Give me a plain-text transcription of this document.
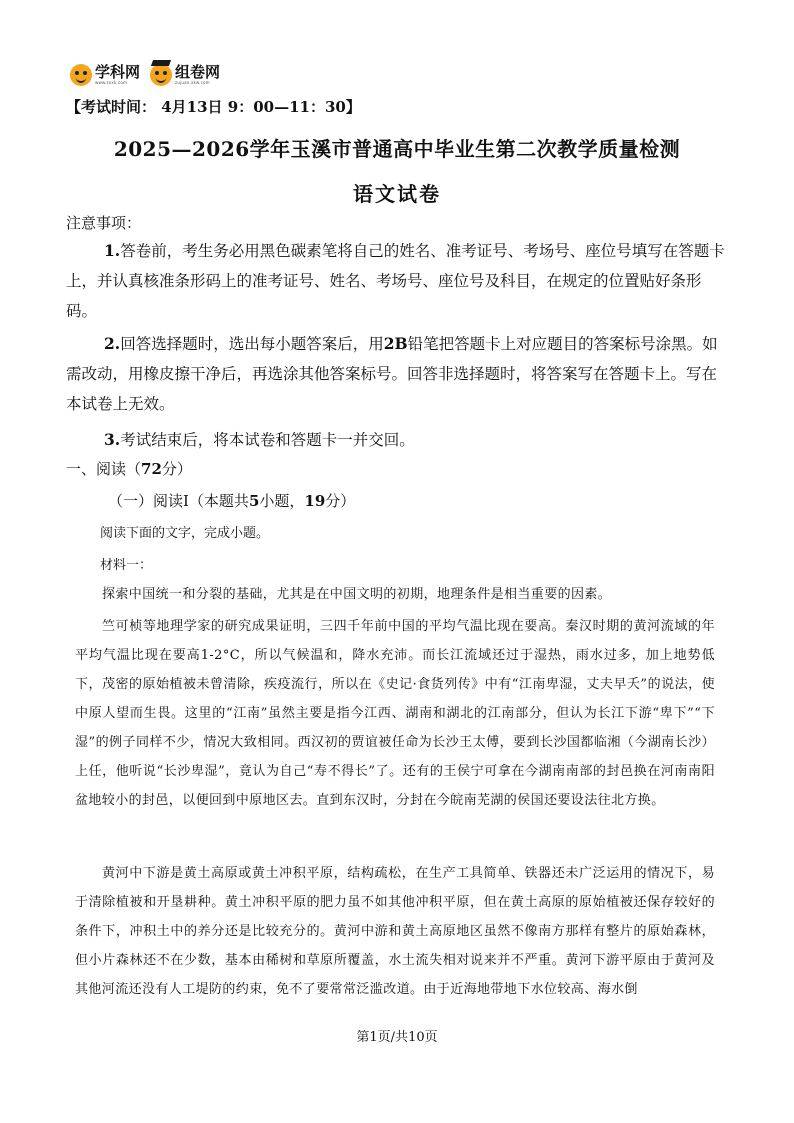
学科网
www.zxxk.com
组卷网
zujuan.xkw.com
【考试时间： 4月13日 9：00—11：30】
2025—2026学年玉溪市普通高中毕业生第二次教学质量检测
语文试卷
注意事项：
1.答卷前，考生务必用黑色碳素笔将自己的姓名、准考证号、考场号、座位号填写在答题卡上，并认真核准条形码上的准考证号、姓名、考场号、座位号及科目，在规定的位置贴好条形码。
2.回答选择题时，选出每小题答案后，用2B铅笔把答题卡上对应题目的答案标号涂黑。如需改动，用橡皮擦干净后，再选涂其他答案标号。回答非选择题时，将答案写在答题卡上。写在本试卷上无效。
3.考试结束后，将本试卷和答题卡一并交回。
一、阅读（72分）
（一）阅读Ⅰ（本题共5小题，19分）
阅读下面的文字，完成小题。
材料一：
探索中国统一和分裂的基础，尤其是在中国文明的初期，地理条件是相当重要的因素。
竺可桢等地理学家的研究成果证明，三四千年前中国的平均气温比现在要高。秦汉时期的黄河流域的年平均气温比现在要高1-2°C，所以气候温和，降水充沛。而长江流域还过于湿热，雨水过多，加上地势低下，茂密的原始植被未曾清除，疾疫流行，所以在《史记·食货列传》中有“江南卑湿，丈夫早夭”的说法，使中原人望而生畏。这里的“江南”虽然主要是指今江西、湖南和湖北的江南部分，但认为长江下游“卑下”“下湿”的例子同样不少，情况大致相同。西汉初的贾谊被任命为长沙王太傅，要到长沙国都临湘（今湖南长沙）上任，他听说“长沙卑湿”，竟认为自己“寿不得长”了。还有的王侯宁可拿在今湖南南部的封邑换在河南南阳盆地较小的封邑，以便回到中原地区去。直到东汉时，分封在今皖南芜湖的侯国还要设法往北方换。
黄河中下游是黄土高原或黄土冲积平原，结构疏松，在生产工具简单、铁器还未广泛运用的情况下，易于清除植被和开垦耕种。黄土冲积平原的肥力虽不如其他冲积平原，但在黄土高原的原始植被还保存较好的条件下，冲积土中的养分还是比较充分的。黄河中游和黄土高原地区虽然不像南方那样有整片的原始森林，但小片森林还不在少数，基本由稀树和草原所覆盖，水土流失相对说来并不严重。黄河下游平原由于黄河及其他河流还没有人工堤防的约束，免不了要常常泛滥改道。由于近海地带地下水位较高、海水倒
第1页/共10页
